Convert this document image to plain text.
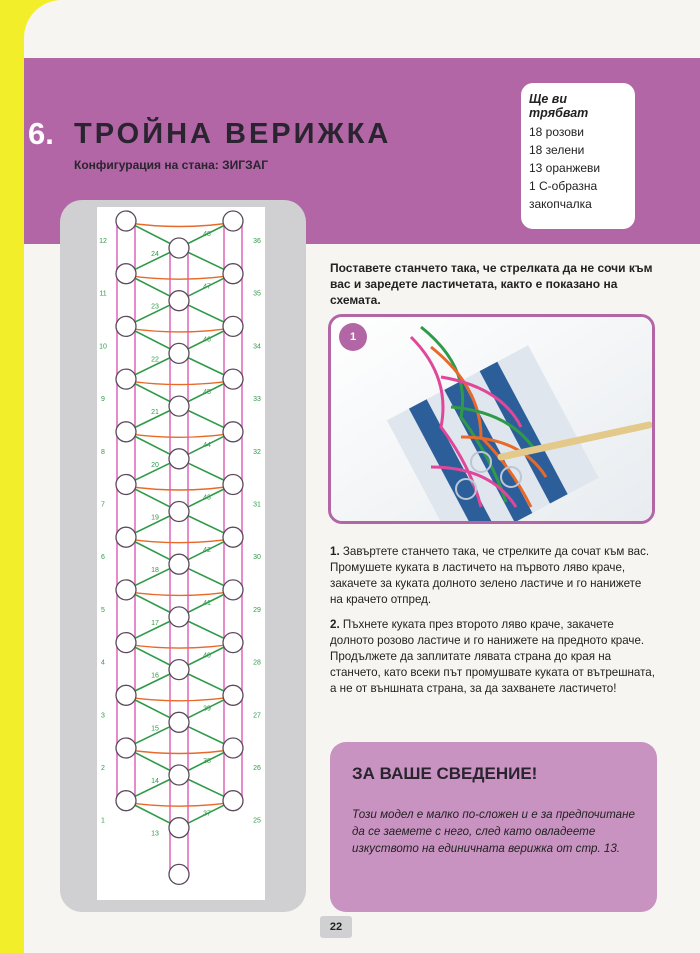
6. ТРОЙНА ВЕРИЖКА
Конфигурация на стана: ЗИГЗАГ
Ще ви трябват
18 розови
18 зелени
13 оранжеви
1 С-образна
закопчалка
12	36
24
48
11	35
23
47
10	34
22
46
9	33
21
45
8	32
20
44
7	31
19
43
6	30
18
42
5	29
17
41
4	28
16
40
3	27
15
39
2	26
14
38
1	25
13
37
Поставете станчето така, че стрелката да не сочи към вас и заредете ластичетата, както е показано на схемата.
1
1. Завъртете станчето така, че стрелките да сочат към вас. Промушете куката в ластичето на първото ляво краче, закачете за куката долното зелено ластиче и го нанижете на крачето отпред.
2. Пъхнете куката през второто ляво краче, закачете долното розово ластиче и го нанижете на предното краче. Продължете да заплитате лявата страна до края на станчето, като всеки път промушвате куката от вътрешната, а не от външната страна, за да захванете ластичето!
ЗА ВАШЕ СВЕДЕНИЕ!
Този модел е малко по-сложен и е за предпочитане да се заемете с него, след като овладеете изкуството на единичната верижка от стр. 13.
22
